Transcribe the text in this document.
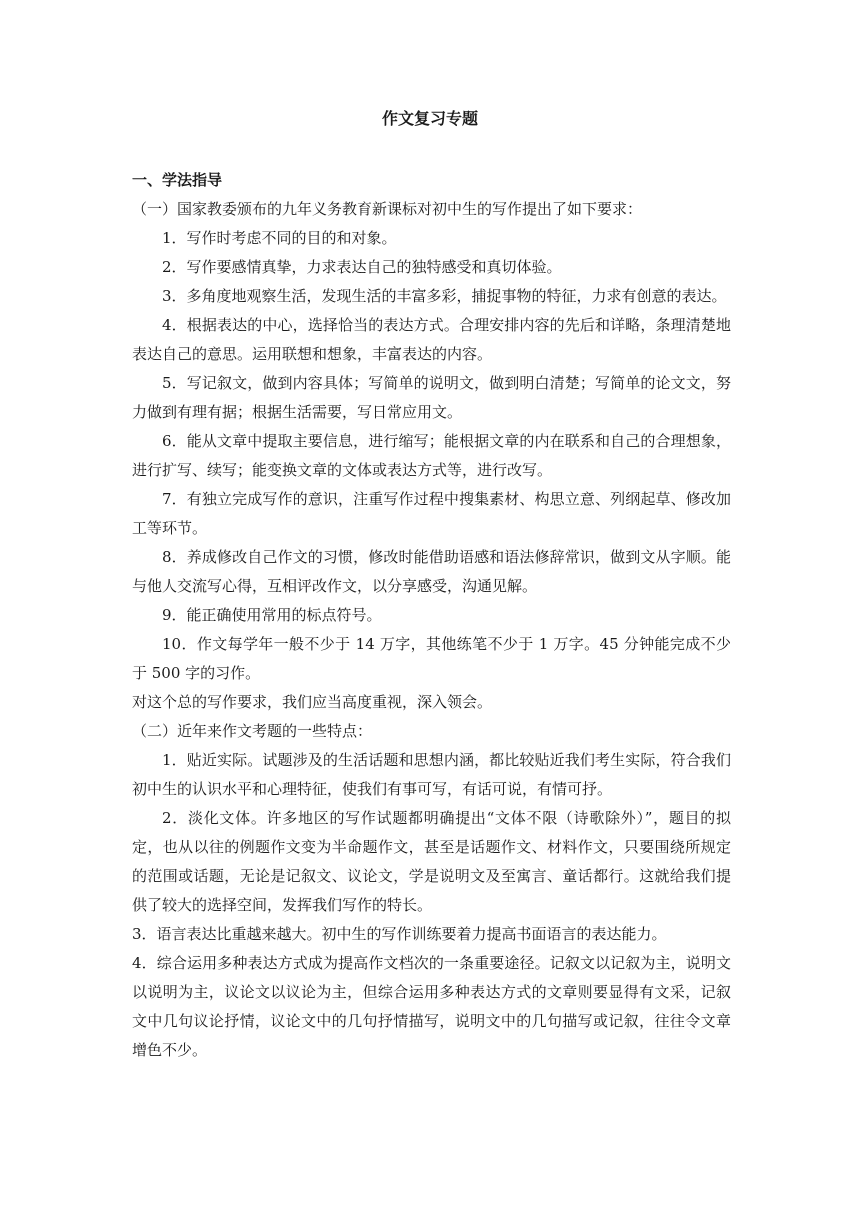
作文复习专题

一、学法指导

（一）国家教委颁布的九年义务教育新课标对初中生的写作提出了如下要求：

1．写作时考虑不同的目的和对象。

2．写作要感情真挚，力求表达自己的独特感受和真切体验。

3．多角度地观察生活，发现生活的丰富多彩，捕捉事物的特征，力求有创意的表达。

4．根据表达的中心，选择恰当的表达方式。合理安排内容的先后和详略，条理清楚地表达自己的意思。运用联想和想象，丰富表达的内容。

5．写记叙文，做到内容具体；写简单的说明文，做到明白清楚；写简单的论文文，努力做到有理有据；根据生活需要，写日常应用文。

6．能从文章中提取主要信息，进行缩写；能根据文章的内在联系和自己的合理想象，进行扩写、续写；能变换文章的文体或表达方式等，进行改写。

7．有独立完成写作的意识，注重写作过程中搜集素材、构思立意、列纲起草、修改加工等环节。

8．养成修改自己作文的习惯，修改时能借助语感和语法修辞常识，做到文从字顺。能与他人交流写心得，互相评改作文，以分享感受，沟通见解。

9．能正确使用常用的标点符号。

10．作文每学年一般不少于 14 万字，其他练笔不少于 1 万字。45 分钟能完成不少于 500 字的习作。

对这个总的写作要求，我们应当高度重视，深入领会。

（二）近年来作文考题的一些特点：

1．贴近实际。试题涉及的生活话题和思想内涵，都比较贴近我们考生实际，符合我们初中生的认识水平和心理特征，使我们有事可写，有话可说，有情可抒。

2．淡化文体。许多地区的写作试题都明确提出“文体不限（诗歌除外）”，题目的拟定，也从以往的例题作文变为半命题作文，甚至是话题作文、材料作文，只要围绕所规定的范围或话题，无论是记叙文、议论文，学是说明文及至寓言、童话都行。这就给我们提供了较大的选择空间，发挥我们写作的特长。

3．语言表达比重越来越大。初中生的写作训练要着力提高书面语言的表达能力。

4．综合运用多种表达方式成为提高作文档次的一条重要途径。记叙文以记叙为主，说明文以说明为主，议论文以议论为主，但综合运用多种表达方式的文章则要显得有文采，记叙文中几句议论抒情，议论文中的几句抒情描写，说明文中的几句描写或记叙，往往令文章增色不少。
